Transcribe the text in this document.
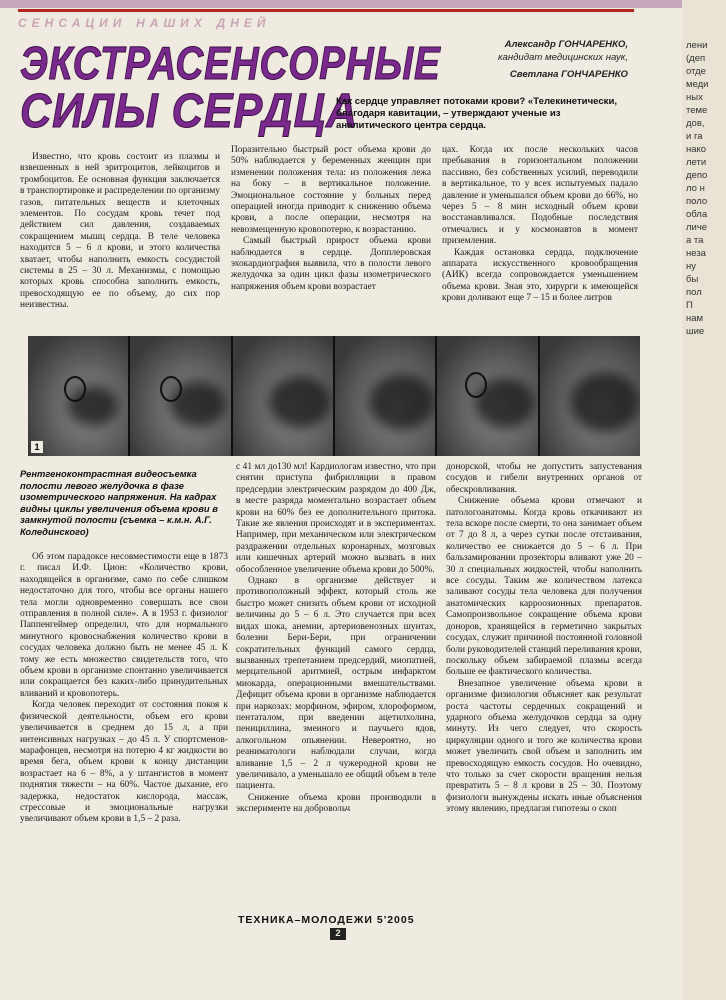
сенсации наших дней
ЭКСТРАСЕНСОРНЫЕ
СИЛЫ СЕРДЦА
Александр ГОНЧАРЕНКО,
кандидат медицинских наук,
Светлана ГОНЧАРЕНКО
Как сердце управляет потоками крови? «Телекинетически, благодаря кавитации, – утверждают ученые из аналитического центра сердца.

Известно, что кровь состоит из плазмы и взвешенных в ней эритроцитов, лейкоцитов и тромбоцитов. Ее основная функция заключается в транспортировке и распределении по организму газов, питательных веществ и клеточных элементов. По сосудам кровь течет под действием сил давления, создаваемых сокращением мышц сердца. В теле человека находится 5 – 6 л крови, и этого количества хватает, чтобы наполнить емкость сосудистой системы в 25 – 30 л. Механизмы, с помощью которых кровь способна заполнить емкость, превосходящую ее по объему, до сих пор неизвестны.

Поразительно быстрый рост объема крови до 50% наблюдается у беременных женщин при изменении положения тела: из положения лежа на боку – в вертикальное положение. Эмоциональное состояние у больных перед операцией иногда приводит к снижению объема крови, а после операции, несмотря на невозмещенную кровопотерю, к возрастанию.

Самый быстрый прирост объема крови наблюдается в сердце. Допплеровская эхокардиография выявила, что в полости левого желудочка за один цикл фазы изометрического напряжения объем крови возрастает

цах. Когда их после нескольких часов пребывания в горизонтальном положении пассивно, без собственных усилий, переводили в вертикальное, то у всех испытуемых падало давление и уменьшался объем крови до 66%, но через 5 – 8 мин исходный объем крови восстанавливался. Подобные последствия отмечались и у космонавтов в момент приземления.

Каждая остановка сердца, подключение аппарата искусственного кровообращения (АИК) всегда сопровождается уменьшением объема крови. Зная это, хирурги к имеющейся крови доливают еще 7 – 15 и более литров

1
Рентгеноконтрастная видеосъемка полости левого желудочка в фазе изометрического напряжения. На кадрах видны циклы увеличения объема крови в замкнутой полости (съемка – к.м.н. А.Г. Колединского)

Об этом парадоксе несовместимости еще в 1873 г. писал И.Ф. Цион: «Количество крови, находящейся в организме, само по себе слишком недостаточно для того, чтобы все органы нашего тела могли одновременно совершать все свои отправления в полной силе». А в 1953 г. физиолог Паппенгеймер определил, что для нормального минутного кровоснабжения количество крови в сосудах человека должно быть не менее 45 л. К тому же есть множество свидетельств того, что объем крови в организме спонтанно увеличивается или сокращается без каких-либо принудительных вливаний и кровопотерь.

Когда человек переходит от состояния покоя к физической деятельности, объем его крови увеличивается в среднем до 15 л, а при интенсивных нагрузках – до 45 л. У спортсменов-марафонцев, несмотря на потерю 4 кг жидкости во время бега, объем крови к концу дистанции возрастает на 6 – 8%, а у штангистов в момент поднятия тяжести – на 60%. Частое дыхание, его задержка, недостаток кислорода, массаж, стрессовые и эмоциональные нагрузки увеличивают объем крови в 1,5 – 2 раза.

с 41 мл до130 мл! Кардиологам известно, что при снятии приступа фибрилляции в правом предсердии электрическим разрядом до 400 Дж, в месте разряда моментально возрастает объем крови на 60% без ее дополнительного притока. Такие же явления происходят и в экспериментах. Например, при механическом или электрическом раздражении отдельных коронарных, мозговых или кишечных артерий можно вызвать в них обособленное увеличение объема крови до 500%.

Однако в организме действует и противоположный эффект, который столь же быстро может снизить объем крови от исходной величины до 5 – 6 л. Это случается при всех видах шока, анемии, артериовенозных шунтах, болезни Бери-Бери, при ограничении сократительных функций самого сердца, вызванных трепетанием предсердий, миопатией, мерцательной аритмией, острым инфарктом миокарда, операционными вмешательствами. Дефицит объема крови в организме наблюдается при наркозах: морфином, эфиром, хлороформом, пентаталом, при введении ацетилхолина, пенициллина, змеиного и паучьего ядов, алкогольном опьянении. Невероятно, но реаниматологи наблюдали случаи, когда вливание 1,5 – 2 л чужеродной крови не увеличивало, а уменьшало ее общий объем в теле пациента.

Снижение объема крови производили в эксперименте на добровольч

донорской, чтобы не допустить запустевания сосудов и гибели внутренних органов от обескровливания.

Снижение объема крови отмечают и патологоанатомы. Когда кровь откачивают из тела вскоре после смерти, то она занимает объем от 7 до 8 л, а через сутки после отстаивания, количество ее снижается до 5 – 6 л. При бальзамировании прозекторы вливают уже 20 – 30 л специальных жидкостей, чтобы наполнить все сосуды. Таким же количеством латекса заливают сосуды тела человека для получения анатомических карроозионных препаратов. Самопроизвольное сокращение объема крови доноров, хранящейся в герметично закрытых сосудах, служит причиной постоянной головной боли руководителей станций переливания крови, поскольку объем забираемой плазмы всегда больше ее фактического количества.

Внезапное увеличение объема крови в организме физиология объясняет как результат роста частоты сердечных сокращений и ударного объема желудочков сердца за одну минуту. Из чего следует, что скорость циркуляции одного и того же количества крови может увеличить свой объем и заполнить им превосходящую емкость сосудов. Но очевидно, что только за счет скорости вращения нельзя превратить 5 – 8 л крови в 25 – 30. Поэтому физиологи вынуждены искать иные объяснения этому явлению, предлагая гипотезы о скоп

ТЕХНИКА–МОЛОДЕЖИ 5'2005
2
лени
(деп
отде
меди
ных
теме
дов,
и га
нако
лети
депо
ло н
поло
обла
личе
а та
неза
ну
бы
пол
П
нам
шие
